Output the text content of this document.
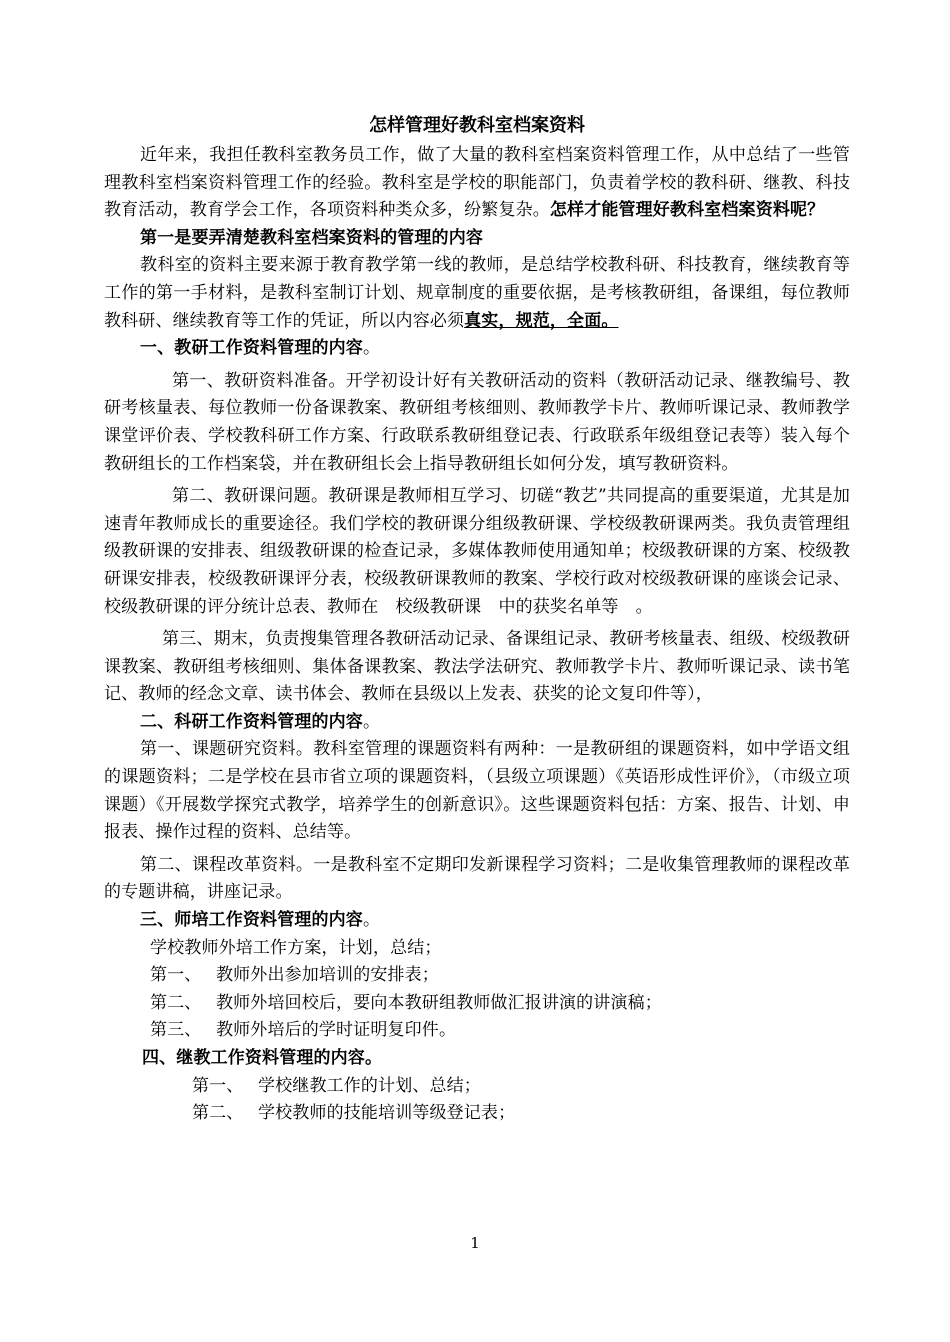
怎样管理好教科室档案资料

近年来，我担任教科室教务员工作，做了大量的教科室档案资料管理工作，从中总结了一些管理教科室档案资料管理工作的经验。教科室是学校的职能部门，负责着学校的教科研、继教、科技教育活动，教育学会工作，各项资料种类众多，纷繁复杂。怎样才能管理好教科室档案资料呢？

第一是要弄清楚教科室档案资料的管理的内容

教科室的资料主要来源于教育教学第一线的教师，是总结学校教科研、科技教育，继续教育等工作的第一手材料，是教科室制订计划、规章制度的重要依据，是考核教研组，备课组，每位教师教科研、继续教育等工作的凭证，所以内容必须真实，规范，全面。

一、教研工作资料管理的内容。

第一、教研资料准备。开学初设计好有关教研活动的资料（教研活动记录、继教编号、教研考核量表、每位教师一份备课教案、教研组考核细则、教师教学卡片、教师听课记录、教师教学课堂评价表、学校教科研工作方案、行政联系教研组登记表、行政联系年级组登记表等）装入每个教研组长的工作档案袋，并在教研组长会上指导教研组长如何分发，填写教研资料。

第二、教研课问题。教研课是教师相互学习、切磋“教艺”共同提高的重要渠道，尤其是加速青年教师成长的重要途径。我们学校的教研课分组级教研课、学校级教研课两类。我负责管理组级教研课的安排表、组级教研课的检查记录，多媒体教师使用通知单；校级教研课的方案、校级教研课安排表，校级教研课评分表，校级教研课教师的教案、学校行政对校级教研课的座谈会记录、校级教研课的评分统计总表、教师在　校级教研课　中的获奖名单等　。

第三、期末，负责搜集管理各教研活动记录、备课组记录、教研考核量表、组级、校级教研课教案、教研组考核细则、集体备课教案、教法学法研究、教师教学卡片、教师听课记录、读书笔记、教师的经念文章、读书体会、教师在县级以上发表、获奖的论文复印件等），

二、科研工作资料管理的内容。

第一、课题研究资料。教科室管理的课题资料有两种：一是教研组的课题资料，如中学语文组的课题资料；二是学校在县市省立项的课题资料，（县级立项课题）《英语形成性评价》，（市级立项课题）《开展数学探究式教学，培养学生的创新意识》。这些课题资料包括：方案、报告、计划、申报表、操作过程的资料、总结等。

第二、课程改革资料。一是教科室不定期印发新课程学习资料；二是收集管理教师的课程改革的专题讲稿，讲座记录。

三、师培工作资料管理的内容。

学校教师外培工作方案，计划，总结；

第一、 教师外出参加培训的安排表；

第二、 教师外培回校后，要向本教研组教师做汇报讲演的讲演稿；

第三、 教师外培后的学时证明复印件。

四、继教工作资料管理的内容。

第一、 学校继教工作的计划、总结；

第二、 学校教师的技能培训等级登记表；

1
